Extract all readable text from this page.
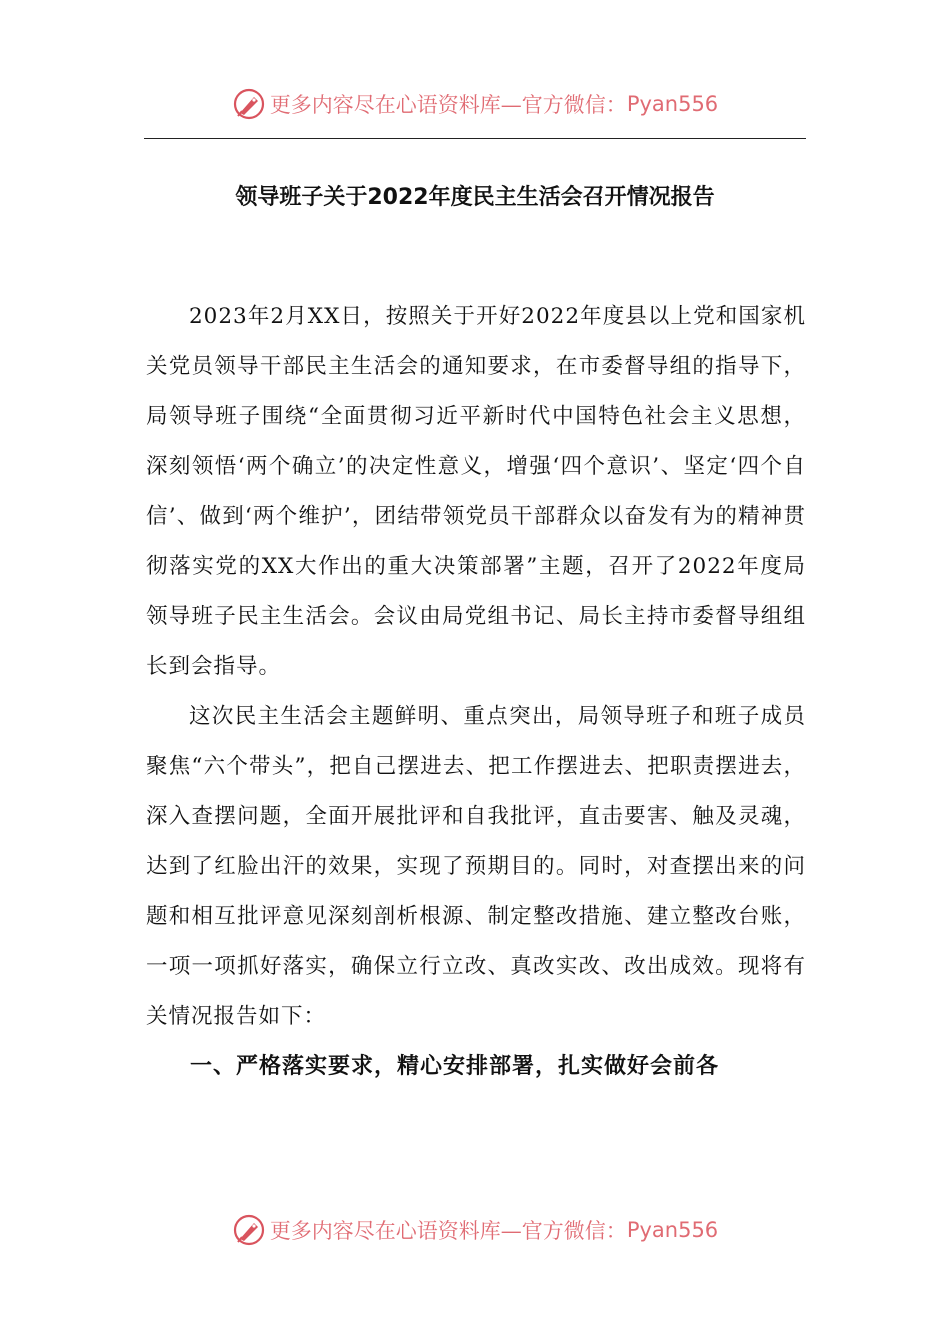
更多内容尽在心语资料库—官方微信： Pyan556
领导班子关于2022年度民主生活会召开情况报告

2023年2月XX日，按照关于开好2022年度县以上党和国家机关党员领导干部民主生活会的通知要求，在市委督导组的指导下，局领导班子围绕“全面贯彻习近平新时代中国特色社会主义思想，深刻领悟‘两个确立’的决定性意义，增强‘四个意识’、坚定‘四个自信’、做到‘两个维护’，团结带领党员干部群众以奋发有为的精神贯彻落实党的XX大作出的重大决策部署”主题，召开了2022年度局领导班子民主生活会。会议由局党组书记、局长主持市委督导组组长到会指导。

这次民主生活会主题鲜明、重点突出，局领导班子和班子成员聚焦“六个带头”，把自己摆进去、把工作摆进去、把职责摆进去，深入查摆问题，全面开展批评和自我批评，直击要害、触及灵魂，达到了红脸出汗的效果，实现了预期目的。同时，对查摆出来的问题和相互批评意见深刻剖析根源、制定整改措施、建立整改台账，一项一项抓好落实，确保立行立改、真改实改、改出成效。现将有关情况报告如下：

一、严格落实要求，精心安排部署，扎实做好会前各

更多内容尽在心语资料库—官方微信： Pyan556
